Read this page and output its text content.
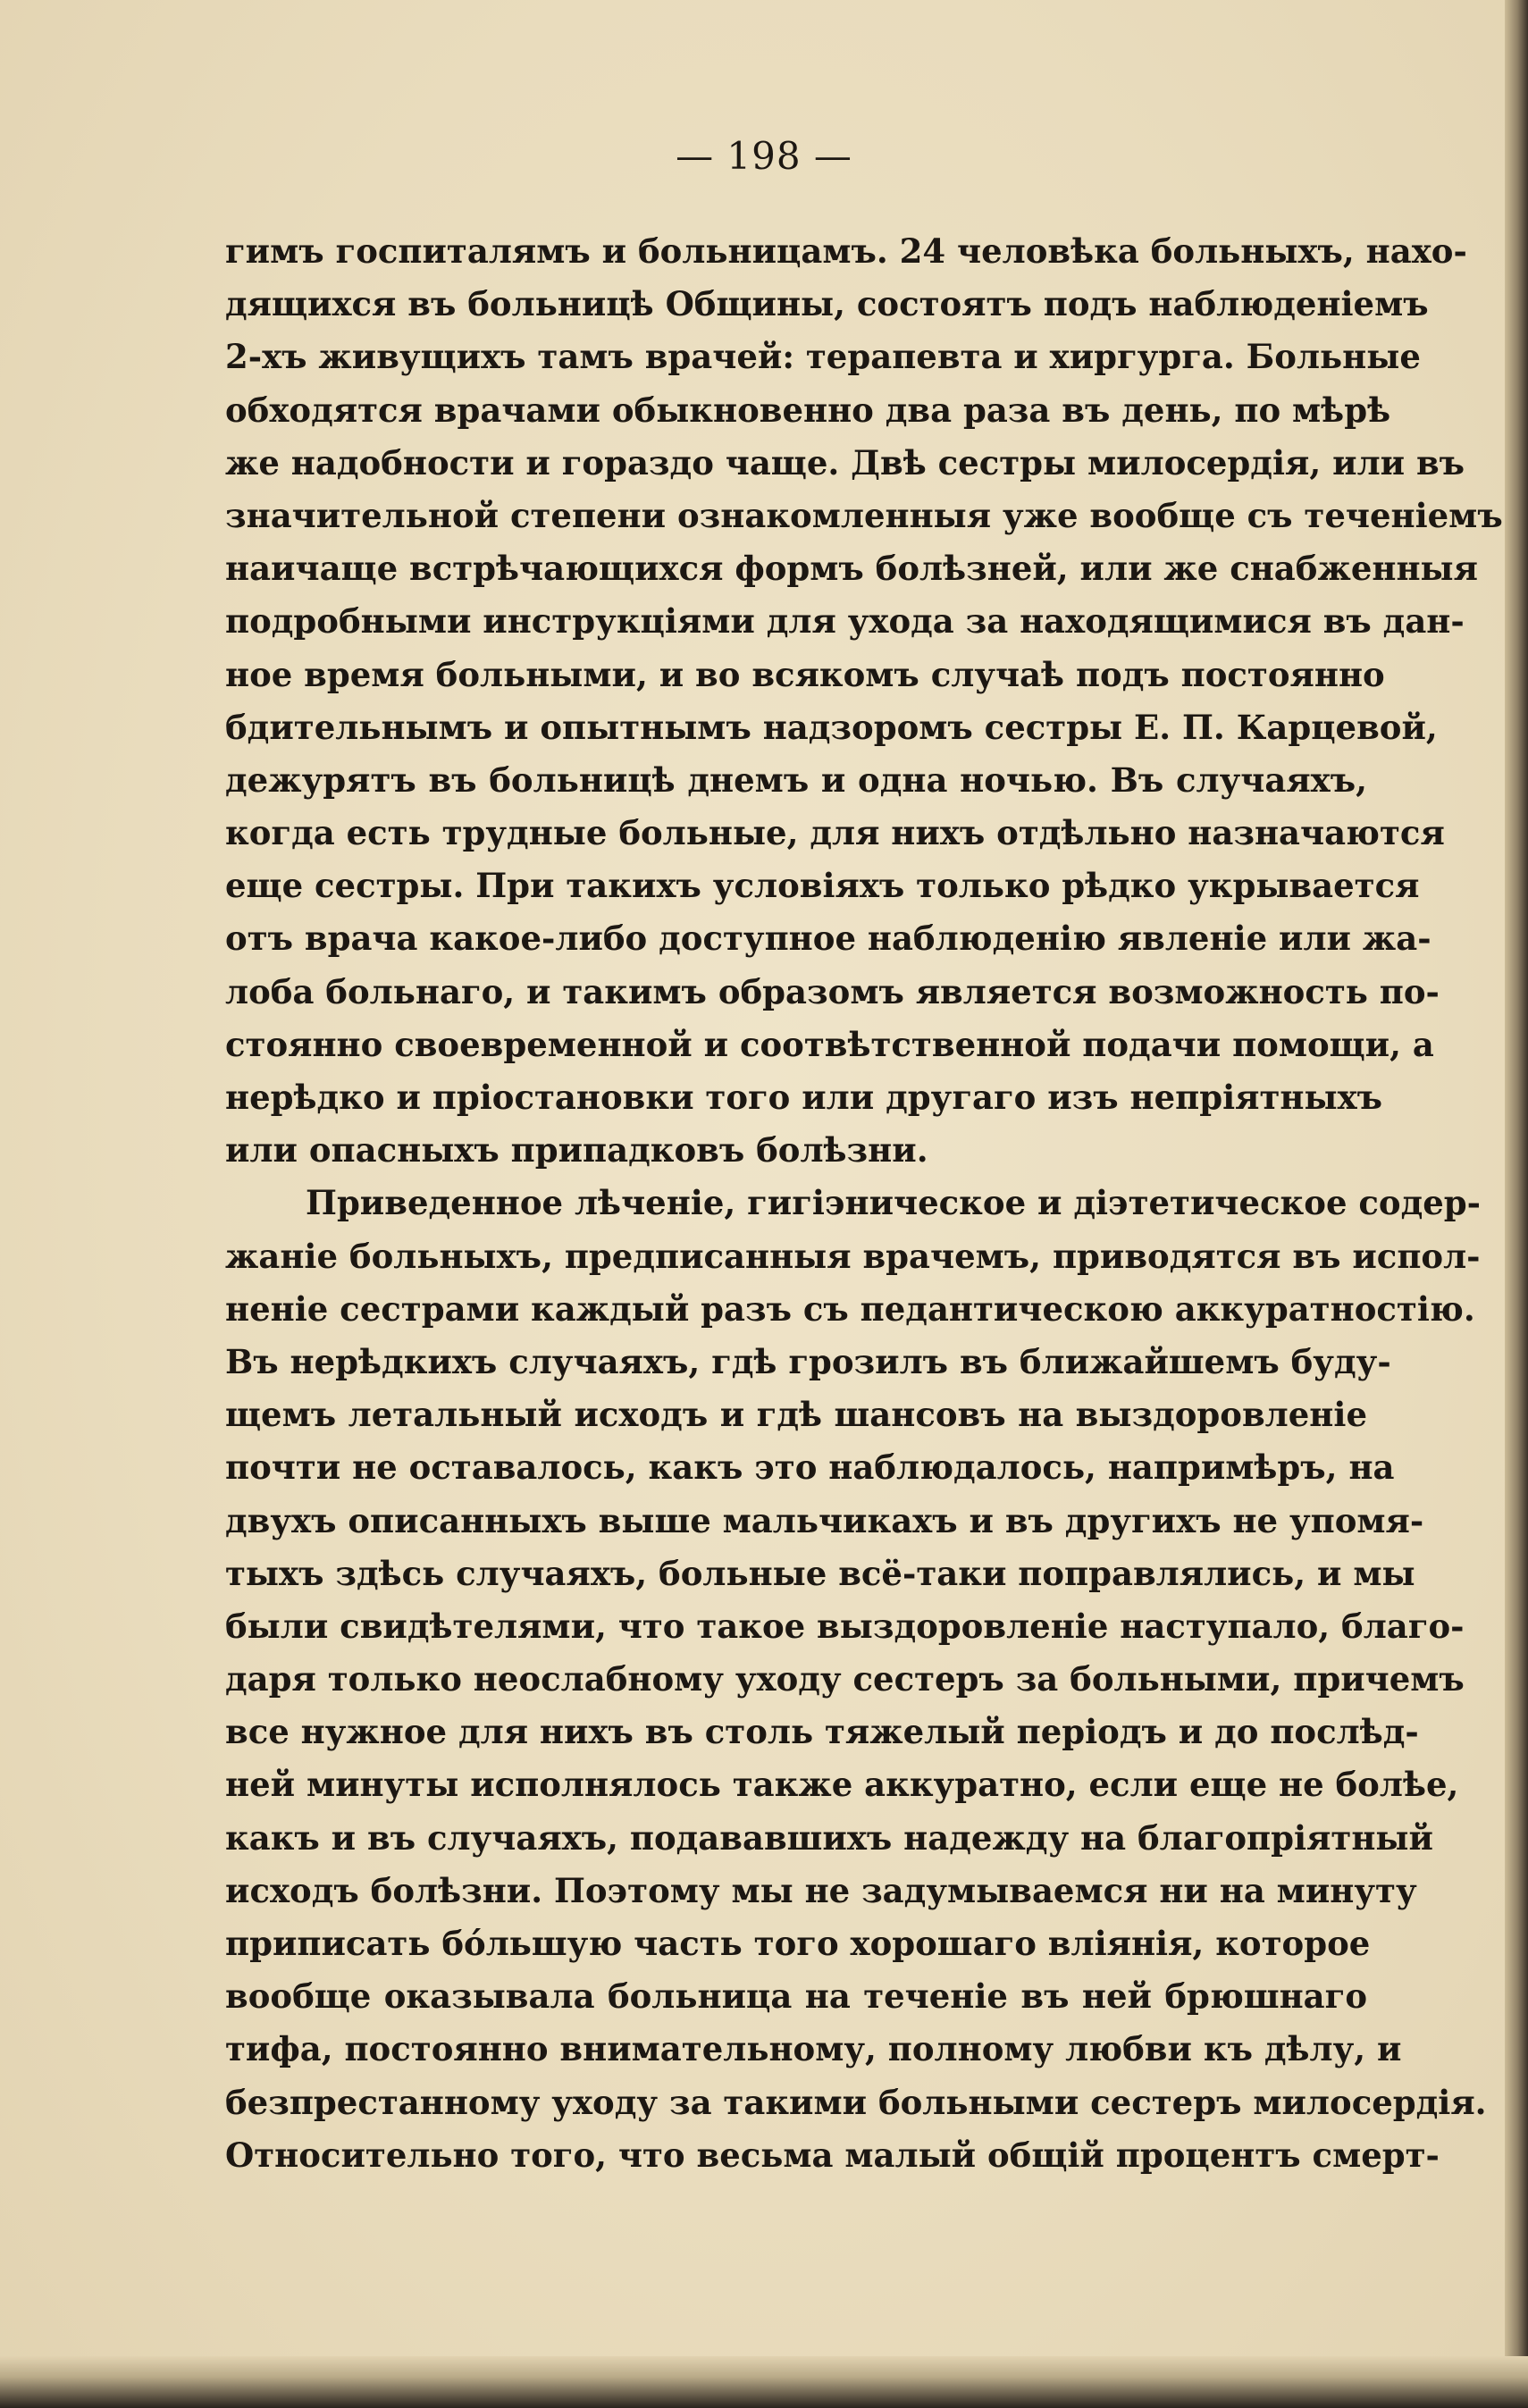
— 198 —
гимъ госпиталямъ и больницамъ. 24 человѣка больныхъ, нахо-
дящихся въ больницѣ Общины, состоятъ подъ наблюденіемъ
2-хъ живущихъ тамъ врачей: терапевта и хиргурга. Больные
обходятся врачами обыкновенно два раза въ день, по мѣрѣ
же надобности и гораздо чаще. Двѣ сестры милосердія, или въ
значительной степени ознакомленныя уже вообще съ теченіемъ
наичаще встрѣчающихся формъ болѣзней, или же снабженныя
подробными инструкціями для ухода за находящимися въ дан-
ное время больными, и во всякомъ случаѣ подъ постоянно
бдительнымъ и опытнымъ надзоромъ сестры Е. П. Карцевой,
дежурятъ въ больницѣ днемъ и одна ночью. Въ случаяхъ,
когда есть трудные больные, для нихъ отдѣльно назначаются
еще сестры. При такихъ условіяхъ только рѣдко укрывается
отъ врача какое-либо доступное наблюденію явленіе или жа-
лоба больнаго, и такимъ образомъ является возможность по-
стоянно своевременной и соотвѣтственной подачи помощи, а
нерѣдко и пріостановки того или другаго изъ непріятныхъ
или опасныхъ припадковъ болѣзни.
Приведенное лѣченіе, гигіэническое и діэтетическое содер-
жаніе больныхъ, предписанныя врачемъ, приводятся въ испол-
неніе сестрами каждый разъ съ педантическою аккуратностію.
Въ нерѣдкихъ случаяхъ, гдѣ грозилъ въ ближайшемъ буду-
щемъ летальный исходъ и гдѣ шансовъ на выздоровленіе
почти не оставалось, какъ это наблюдалось, напримѣръ, на
двухъ описанныхъ выше мальчикахъ и въ другихъ не упомя-
тыхъ здѣсь случаяхъ, больные всё-таки поправлялись, и мы
были свидѣтелями, что такое выздоровленіе наступало, благо-
даря только неослабному уходу сестеръ за больными, причемъ
все нужное для нихъ въ столь тяжелый періодъ и до послѣд-
ней минуты исполнялось также аккуратно, если еще не болѣе,
какъ и въ случаяхъ, подававшихъ надежду на благопріятный
исходъ болѣзни. Поэтому мы не задумываемся ни на минуту
приписать бо́льшую часть того хорошаго вліянія, которое
вообще оказывала больница на теченіе въ ней брюшнаго
тифа, постоянно внимательному, полному любви къ дѣлу, и
безпрестанному уходу за такими больными сестеръ милосердія.
Относительно того, что весьма малый общій процентъ смерт-
